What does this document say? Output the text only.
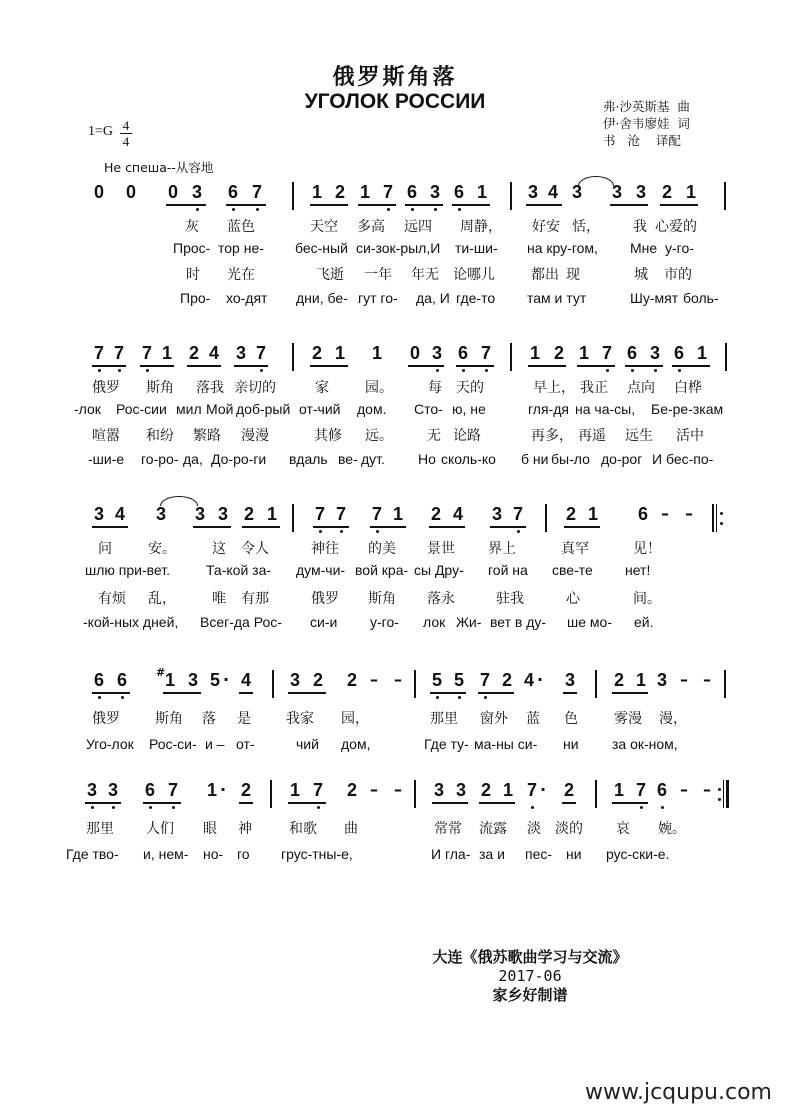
俄罗斯角落
УГОЛОК РОССИИ	弗·沙英斯基  曲
伊·舍韦廖娃  词
书   沧    译配
1=G 4
4
Не спеша--从容地
0 0 0 3 6 7	1 2 1 7 6 3 6 1 3 4 3 3 3 2 1
灰 蓝色	天空 多高 远四 周静， 好安 恬， 我 心爱的
Прос- тор не- бес-ный си-зок-рыл,И ти-ши- на кру-гом, Мне у-го-
时 光在	飞逝 一年 年无 论哪儿	都出 现	城 市的
Про- хо-дят дни, бе- гут го- да, И где-то там и тут	Шу-мят боль-
7 7 7 1 2 4 3 7	2 1 1 0 3 6 7 1 2 1 7 6 3 6 1
俄罗 斯角 落我 亲切的	家	园。	每 天的	早上， 我正 点向 白桦
-лок Рос-сии мил Мой доб-рый от-чий дом. Сто- ю, не	гля-дя на ча-сы, Бе-ре-зкам
喧嚣 和纷 繁路 漫漫	其修 远。 无 论路	再多， 再遥 远生 活中
-ши-е го-ро- да, До-ро-ги вдаль ве- дут. Но сколь-ко б ни бы-ло до-рог И бес-по-
3 4 3 3 3 2 1 7 7 7 1 2 4 3 7 2 1 6 – –
问	安。	这 令人	神往 的美 景世 界上	真罕	见！
шлю при-вет.	Та-кой за- дум-чи- вой кра- сы Дру- гой на све-те нет!
有烦 乱，	唯 有那	俄罗 斯角 落永	驻我	心	间。
-кой-ных дней, Всег-да Рос- си-и у-го- лок Жи- вет в ду- ше мо- ей.
6 6	# 1 3 5 · 4 3 2 2 – – 5 5 7 2 4 · 3 2 1 3 – –
俄罗	斯角 落 是	我家 园，	那里 窗外 蓝 色	雾漫 漫，
Уго-лок Рос-си- и – от-	чий дом,	Где ту- ма-ны си- ни за ок-ном,
3 3 6 7 1 · 2 1 7 2 – – 3 3 2 1 7 · 2 1 7 6 – –
那里 人们 眼 神	和歌 曲	常常 流露 淡 淡的 哀 婉。
Где тво- и, нем- но- го грус-тны-е,	И гла- за и пес- ни рус-ски-е.
大连《俄苏歌曲学习与交流》
2017-06
家乡好制谱
www.jcqupu.com
